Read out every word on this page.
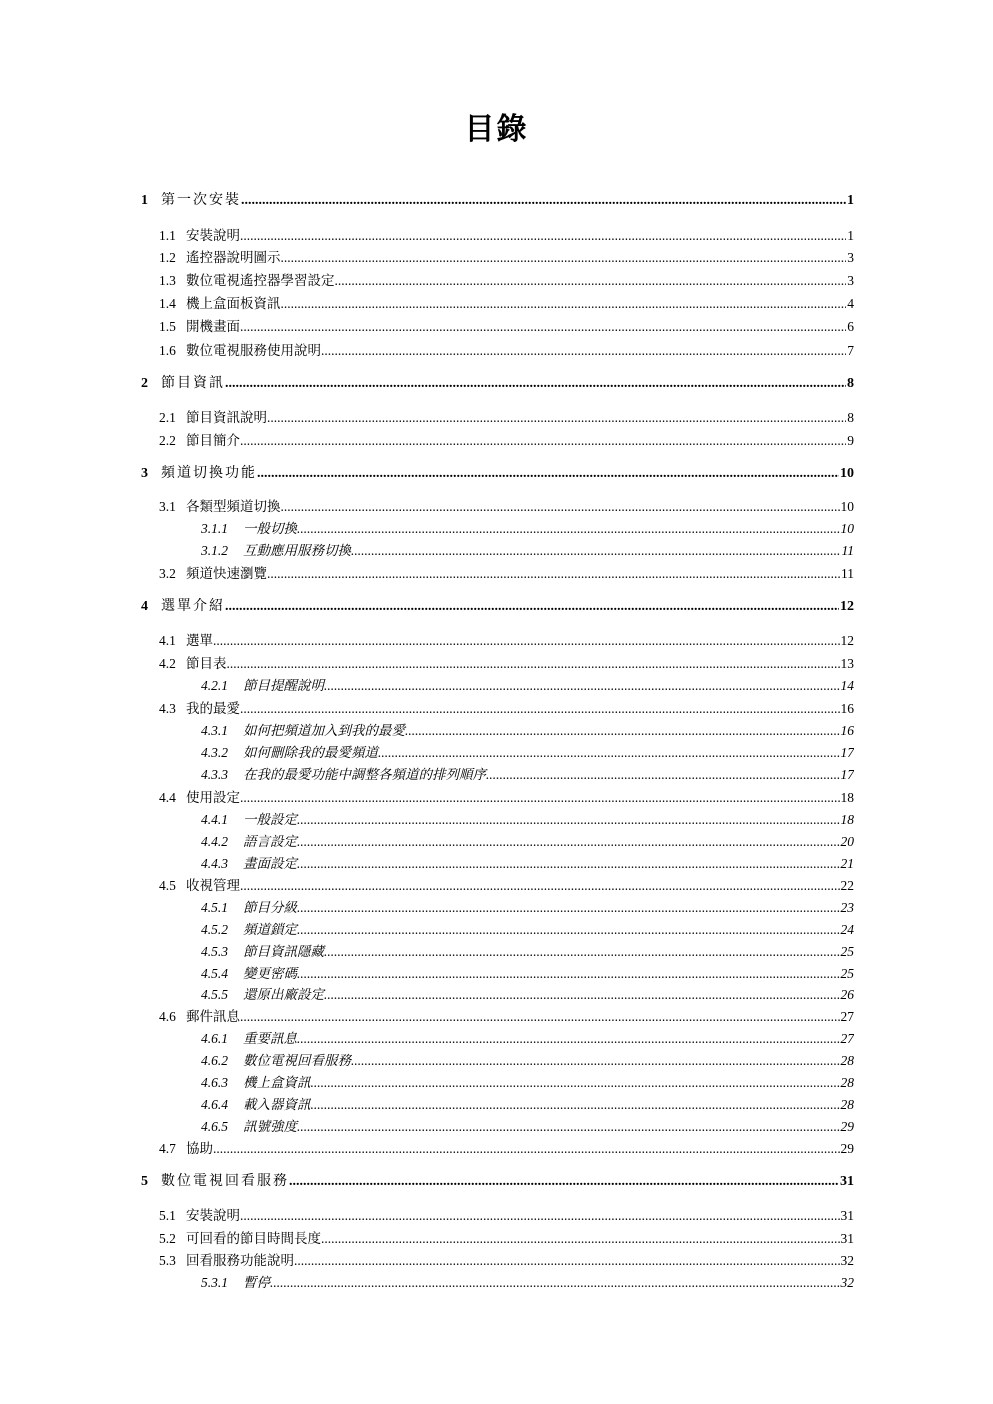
目錄
1 第一次安裝 .....	1
1.1 安裝說明 .....	1
1.2 遙控器說明圖示 .....	3
1.3 數位電視遙控器學習設定 .....	3
1.4 機上盒面板資訊 .....	4
1.5 開機畫面 .....	6
1.6 數位電視服務使用說明 .....	7
2 節目資訊 .....	8
2.1 節目資訊說明 .....	8
2.2 節目簡介 .....	9
3 頻道切換功能 .....	10
3.1 各類型頻道切換 .....	10
3.1.1	一般切換 .....	10
3.1.2	互動應用服務切換 .....	11
3.2 頻道快速瀏覽 .....	11
4 選單介紹 .....	12
4.1 選單 .....	12
4.2 節目表 .....	13
4.2.1	節目提醒說明 .....	14
4.3 我的最愛 .....	16
4.3.1	如何把頻道加入到我的最愛 .....	16
4.3.2	如何刪除我的最愛頻道 .....	17
4.3.3	在我的最愛功能中調整各頻道的排列順序 .....	17
4.4 使用設定 .....	18
4.4.1	一般設定 .....	18
4.4.2	語言設定 .....	20
4.4.3	畫面設定 .....	21
4.5 收視管理 .....	22
4.5.1	節目分級 .....	23
4.5.2	頻道鎖定 .....	24
4.5.3	節目資訊隱藏 .....	25
4.5.4	變更密碼 .....	25
4.5.5	還原出廠設定 .....	26
4.6 郵件訊息 .....	27
4.6.1	重要訊息 .....	27
4.6.2	數位電視回看服務 .....	28
4.6.3	機上盒資訊 .....	28
4.6.4	載入器資訊 .....	28
4.6.5	訊號強度 .....	29
4.7 協助 .....	29
5 數位電視回看服務 .....	31
5.1 安裝說明 .....	31
5.2 可回看的節目時間長度 .....	31
5.3 回看服務功能說明 .....	32
5.3.1	暫停 .....	32
